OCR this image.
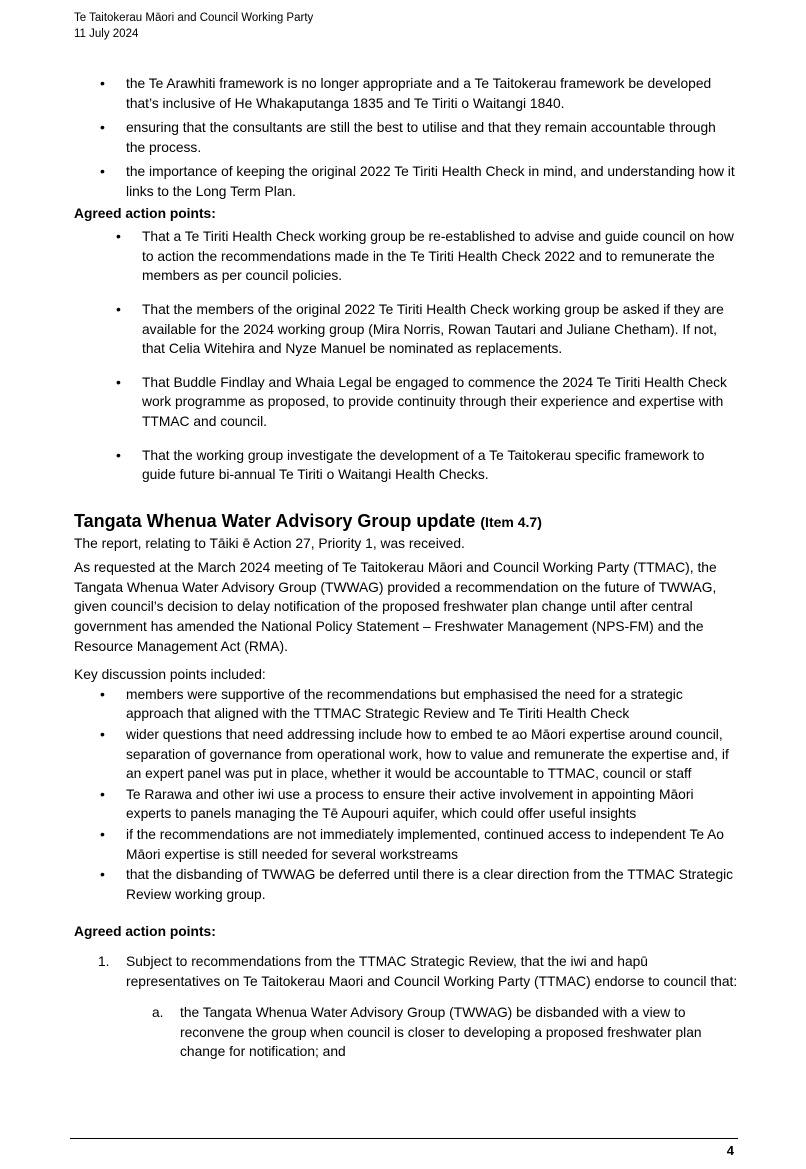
Te Taitokerau Māori and Council Working Party
11 July 2024
• the Te Arawhiti framework is no longer appropriate and a Te Taitokerau framework be developed that’s inclusive of He Whakaputanga 1835 and Te Tiriti o Waitangi 1840.
• ensuring that the consultants are still the best to utilise and that they remain accountable through the process.
• the importance of keeping the original 2022 Te Tiriti Health Check in mind, and understanding how it links to the Long Term Plan.

Agreed action points:

• That a Te Tiriti Health Check working group be re-established to advise and guide council on how to action the recommendations made in the Te Tiriti Health Check 2022 and to remunerate the members as per council policies.
• That the members of the original 2022 Te Tiriti Health Check working group be asked if they are available for the 2024 working group (Mira Norris, Rowan Tautari and Juliane Chetham). If not, that Celia Witehira and Nyze Manuel be nominated as replacements.
• That Buddle Findlay and Whaia Legal be engaged to commence the 2024 Te Tiriti Health Check work programme as proposed, to provide continuity through their experience and expertise with TTMAC and council.
• That the working group investigate the development of a Te Taitokerau specific framework to guide future bi-annual Te Tiriti o Waitangi Health Checks.
Tangata Whenua Water Advisory Group update (Item 4.7)

The report, relating to Tāiki ē Action 27, Priority 1, was received.

As requested at the March 2024 meeting of Te Taitokerau Māori and Council Working Party (TTMAC), the Tangata Whenua Water Advisory Group (TWWAG) provided a recommendation on the future of TWWAG, given council’s decision to delay notification of the proposed freshwater plan change until after central government has amended the National Policy Statement – Freshwater Management (NPS-FM) and the Resource Management Act (RMA).

Key discussion points included:

• members were supportive of the recommendations but emphasised the need for a strategic approach that aligned with the TTMAC Strategic Review and Te Tiriti Health Check
• wider questions that need addressing include how to embed te ao Māori expertise around council, separation of governance from operational work, how to value and remunerate the expertise and, if an expert panel was put in place, whether it would be accountable to TTMAC, council or staff
• Te Rarawa and other iwi use a process to ensure their active involvement in appointing Māori experts to panels managing the Tē Aupouri aquifer, which could offer useful insights
• if the recommendations are not immediately implemented, continued access to independent Te Ao Māori expertise is still needed for several workstreams
• that the disbanding of TWWAG be deferred until there is a clear direction from the TTMAC Strategic Review working group.

Agreed action points:

1. Subject to recommendations from the TTMAC Strategic Review, that the iwi and hapū representatives on Te Taitokerau Maori and Council Working Party (TTMAC) endorse to council that:
a. the Tangata Whenua Water Advisory Group (TWWAG) be disbanded with a view to reconvene the group when council is closer to developing a proposed freshwater plan change for notification; and
4
